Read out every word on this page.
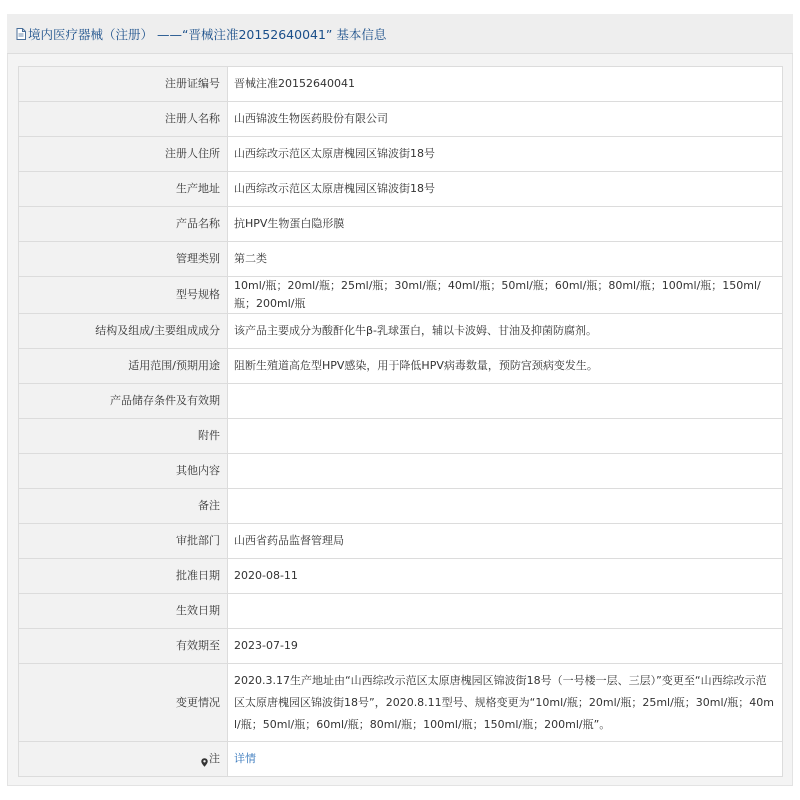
境内医疗器械（注册） ——“晋械注准20152640041” 基本信息
注册证编号	晋械注准20152640041
注册人名称	山西锦波生物医药股份有限公司
注册人住所	山西综改示范区太原唐槐园区锦波街18号
生产地址	山西综改示范区太原唐槐园区锦波街18号
产品名称	抗HPV生物蛋白隐形膜
管理类别	第二类
型号规格	10ml/瓶；20ml/瓶；25ml/瓶；30ml/瓶；40ml/瓶；50ml/瓶；60ml/瓶；80ml/瓶；100ml/瓶；150ml/瓶；200ml/瓶
结构及组成/主要组成成分	该产品主要成分为酸酐化牛β-乳球蛋白，辅以卡波姆、甘油及抑菌防腐剂。
适用范围/预期用途	阻断生殖道高危型HPV感染，用于降低HPV病毒数量，预防宫颈病变发生。
产品储存条件及有效期	
附件	
其他内容	
备注	
审批部门	山西省药品监督管理局
批准日期	2020-08-11
生效日期	
有效期至	2023-07-19
变更情况	2020.3.17生产地址由“山西综改示范区太原唐槐园区锦波街18号（一号楼一层、三层）”变更至“山西综改示范区太原唐槐园区锦波街18号”，2020.8.11型号、规格变更为“10ml/瓶；20ml/瓶；25ml/瓶；30ml/瓶；40ml/瓶；50ml/瓶；60ml/瓶；80ml/瓶；100ml/瓶；150ml/瓶；200ml/瓶”。
注	详情
